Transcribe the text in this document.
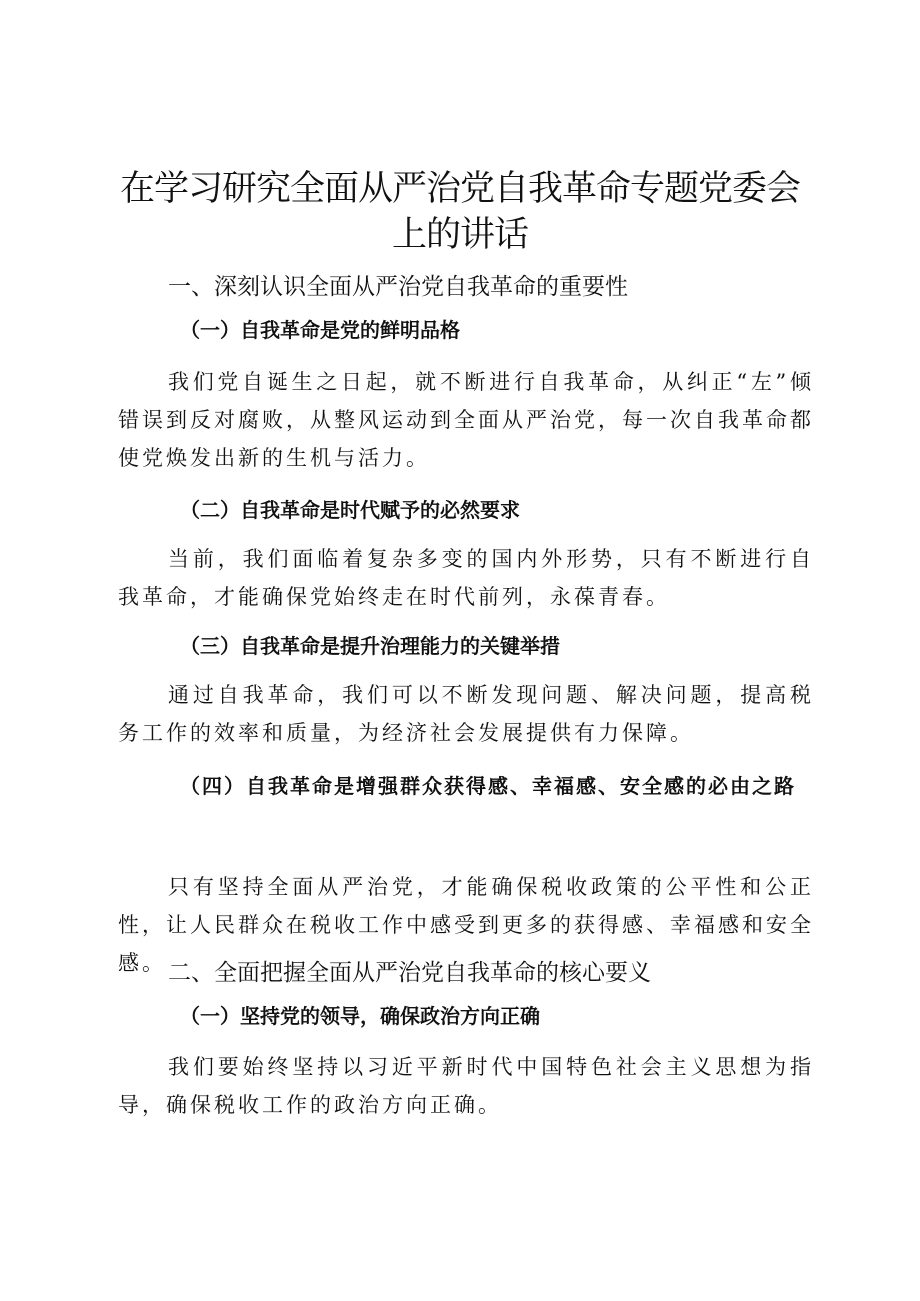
在学习研究全面从严治党自我革命专题党委会
上的讲话
一、深刻认识全面从严治党自我革命的重要性
（一）自我革命是党的鲜明品格
我们党自诞生之日起，就不断进行自我革命，从纠正“左”倾错误到反对腐败，从整风运动到全面从严治党，每一次自我革命都使党焕发出新的生机与活力。
（二）自我革命是时代赋予的必然要求
当前，我们面临着复杂多变的国内外形势，只有不断进行自我革命，才能确保党始终走在时代前列，永葆青春。
（三）自我革命是提升治理能力的关键举措
通过自我革命，我们可以不断发现问题、解决问题，提高税务工作的效率和质量，为经济社会发展提供有力保障。
（四）自我革命是增强群众获得感、幸福感、安全感的必由之路
只有坚持全面从严治党，才能确保税收政策的公平性和公正性，让人民群众在税收工作中感受到更多的获得感、幸福感和安全感。 二、全面把握全面从严治党自我革命的核心要义
（一）坚持党的领导，确保政治方向正确
我们要始终坚持以习近平新时代中国特色社会主义思想为指导，确保税收工作的政治方向正确。
